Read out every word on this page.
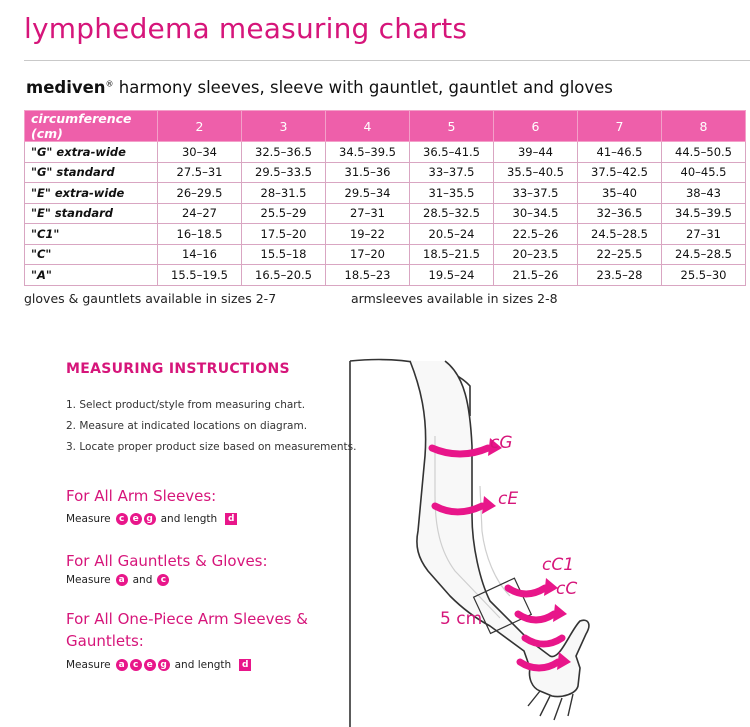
lymphedema measuring charts
mediven® harmony sleeves, sleeve with gauntlet, gauntlet and gloves
circumference (cm)	2	3	4	5	6	7	8
"G" extra-wide	30–34	32.5–36.5	34.5–39.5	36.5–41.5	39–44	41–46.5	44.5–50.5
"G" standard	27.5–31	29.5–33.5	31.5–36	33–37.5	35.5–40.5	37.5–42.5	40–45.5
"E" extra-wide	26–29.5	28–31.5	29.5–34	31–35.5	33–37.5	35–40	38–43
"E" standard	24–27	25.5–29	27–31	28.5–32.5	30–34.5	32–36.5	34.5–39.5
"C1"	16–18.5	17.5–20	19–22	20.5–24	22.5–26	24.5–28.5	27–31
"C"	14–16	15.5–18	17–20	18.5–21.5	20–23.5	22–25.5	24.5–28.5
"A"	15.5–19.5	16.5–20.5	18.5–23	19.5–24	21.5–26	23.5–28	25.5–30
gloves & gauntlets available in sizes 2-7	armsleeves available in sizes 2-8
MEASURING INSTRUCTIONS
1. Select product/style from measuring chart.
2. Measure at indicated locations on diagram.
3. Locate proper product size based on measurements.
For All Arm Sleeves:
Measure c e g and length	d
For All Gauntlets & Gloves:
Measure a and c
For All One-Piece Arm Sleeves &
Gauntlets:
Measure a c e g and length	d
cG
cE
cC1
cC
5 cm
